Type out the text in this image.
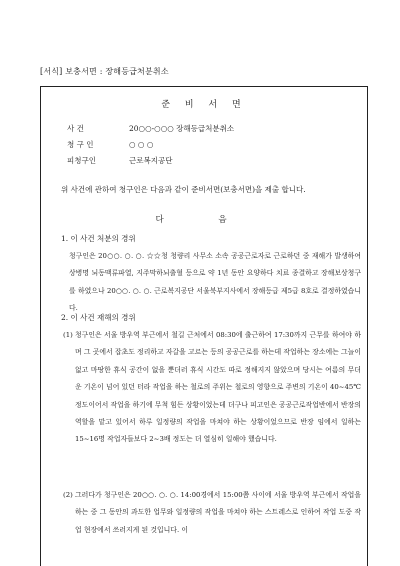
[서식] 보충서면 : 장해등급처분취소
준 비 서 면
사 건	20○○-○○○ 장해등급처분취소
청 구 인	○ ○ ○
피청구인	근로복지공단
위 사건에 관하여 청구인은 다음과 같이 준비서면(보충서면)을 제출 합니다.
다 음
1. 이 사건 처분의 경위
청구인은 20○○. ○. ○. ☆☆청 청량리 사무소 소속 공공근로자로 근로하던 중 재해가 발생하여 상병명 뇌동맥류파열, 지주막하뇌출혈 등으로 약 1년 동안 요양하다 치료 종결하고 장해보상청구를 하였으나 20○○. ○. ○. 근로복지공단 서울북부지사에서 장해등급 제5급 8호로 결정하였습니다.
2. 이 사건 재해의 경위
(1) 청구인은 서울 방우역 부근에서 철길 근처에서 08:30에 출근하여 17:30까지 근무를 하여야 하며 그 곳에서 잡초도 정리하고 자갈을 고르는 등의 공공근로를 하는데 작업하는 장소에는 그늘이 없고 마땅한 휴식 공간이 없을 뿐더러 휴식 시간도 따로 정해지지 않았으며 당시는 여름의 무더운 기온이 넘어 있던 터라 작업을 하는 철로의 주위는 철로의 영향으로 주변의 기온이 40~45℃ 정도이어서 작업을 하기에 무척 힘든 상황이었는데 더구나 피고인은 공공근로작업반에서 반장의 역할을 맡고 있어서 하루 일정량의 작업을 마쳐야 하는 상황이었으므로 반장 임에서 일하는 15~16명 작업자들보다 2~3배 정도는 더 열심히 일해야 했습니다.
(2) 그러다가 청구인은 20○○. ○. ○. 14:00경에서 15:00쯤 사이에 서울 방우역 부근에서 작업을 하는 중 그 동안의 과도한 업무와 일정량의 작업을 마쳐야 하는 스트레스로 인하여 작업 도중 작업 현장에서 쓰러지게 된 것입니다. 이
